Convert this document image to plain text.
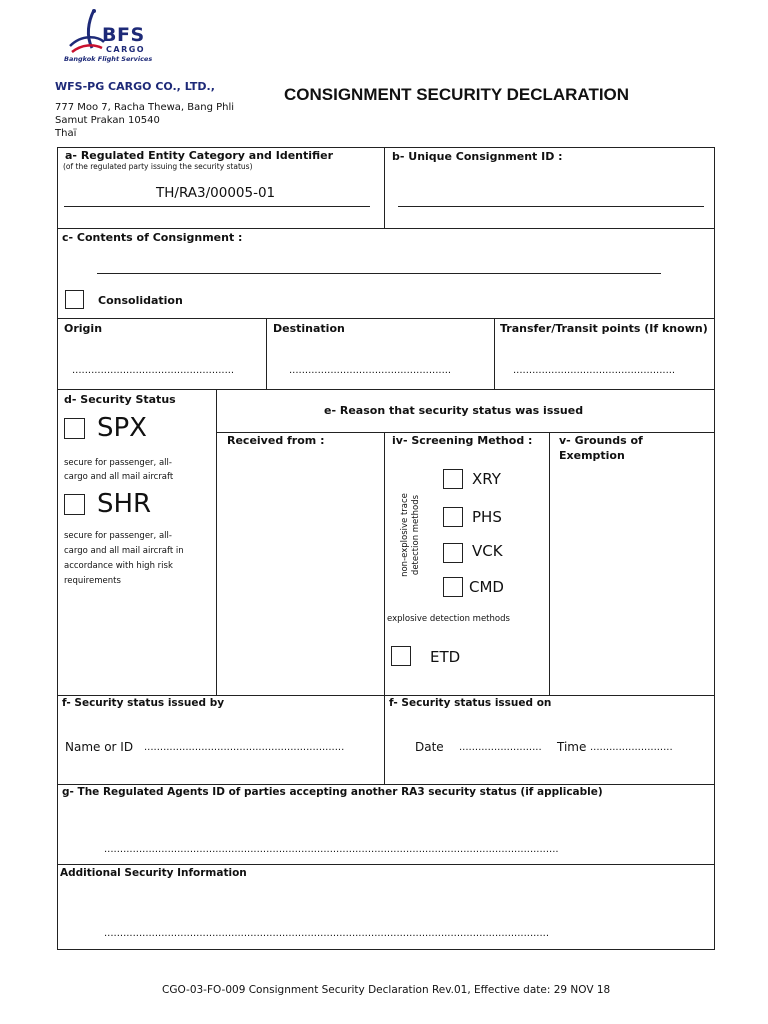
BFS
CARGO
Bangkok Flight Services
WFS-PG CARGO CO., LTD.,
777 Moo 7, Racha Thewa, Bang Phli
Samut Prakan 10540
Thaï
CONSIGNMENT SECURITY DECLARATION
a- Regulated Entity Category and Identifier
(of the regulated party issuing the security status)
TH/RA3/00005-01
b- Unique Consignment ID :
c- Contents of Consignment :
Consolidation
Origin	Destination	Transfer/Transit points (If known)
...................................................	...................................................	...................................................
d- Security Status
SPX
secure for passenger, all-
cargo and all mail aircraft
SHR
secure for passenger, all-
cargo and all mail aircraft in
accordance with high risk
requirements
e- Reason that security status was issued
Received from :	iv- Screening Method : v- Grounds of
Exemption
non-explosive trace detection methods
XRY
PHS
VCK
CMD
explosive detection methods
ETD
f- Security status issued by	f- Security status issued on
Name or ID ...............................................................	Date ..........................	Time ..........................
g- The Regulated Agents ID of parties accepting another RA3 security status (if applicable)
...............................................................................................................................................
Additional Security Information
............................................................................................................................................
CGO-03-FO-009 Consignment Security Declaration Rev.01, Effective date: 29 NOV 18
